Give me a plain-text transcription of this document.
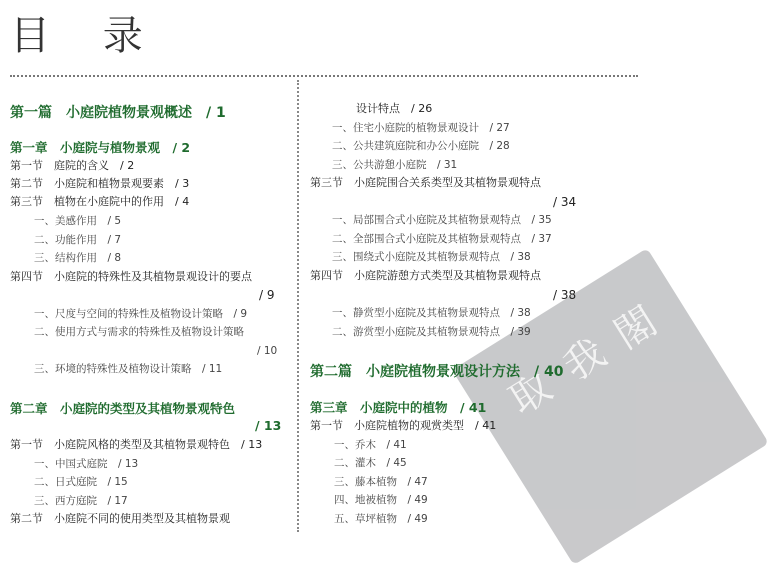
目 录
第一篇　小庭院植物景观概述　/ 1
第一章　小庭院与植物景观　/ 2
第一节　庭院的含义　/ 2
第二节　小庭院和植物景观要素　/ 3
第三节　植物在小庭院中的作用　/ 4
一、美感作用　/ 5
二、功能作用　/ 7
三、结构作用　/ 8
第四节　小庭院的特殊性及其植物景观设计的要点
/ 9
一、尺度与空间的特殊性及植物设计策略　/ 9
二、使用方式与需求的特殊性及植物设计策略
/ 10
三、环境的特殊性及植物设计策略　/ 11
第二章　小庭院的类型及其植物景观特色
/ 13
第一节　小庭院风格的类型及其植物景观特色　/ 13
一、中国式庭院　/ 13
二、日式庭院　/ 15
三、西方庭院　/ 17
第二节　小庭院不同的使用类型及其植物景观
取
我
閣
设计特点　/ 26
一、住宅小庭院的植物景观设计　/ 27
二、公共建筑庭院和办公小庭院　/ 28
三、公共游憩小庭院　/ 31
第三节　小庭院围合关系类型及其植物景观特点
/ 34
一、局部围合式小庭院及其植物景观特点　/ 35
二、全部围合式小庭院及其植物景观特点　/ 37
三、围绕式小庭院及其植物景观特点　/ 38
第四节　小庭院游憩方式类型及其植物景观特点
/ 38
一、静赏型小庭院及其植物景观特点　/ 38
二、游赏型小庭院及其植物景观特点　/ 39
第二篇　小庭院植物景观设计方法　/ 40
第三章　小庭院中的植物　/ 41
第一节　小庭院植物的观赏类型　/ 41
一、乔木　/ 41
二、灌木　/ 45
三、藤本植物　/ 47
四、地被植物　/ 49
五、草坪植物　/ 49
